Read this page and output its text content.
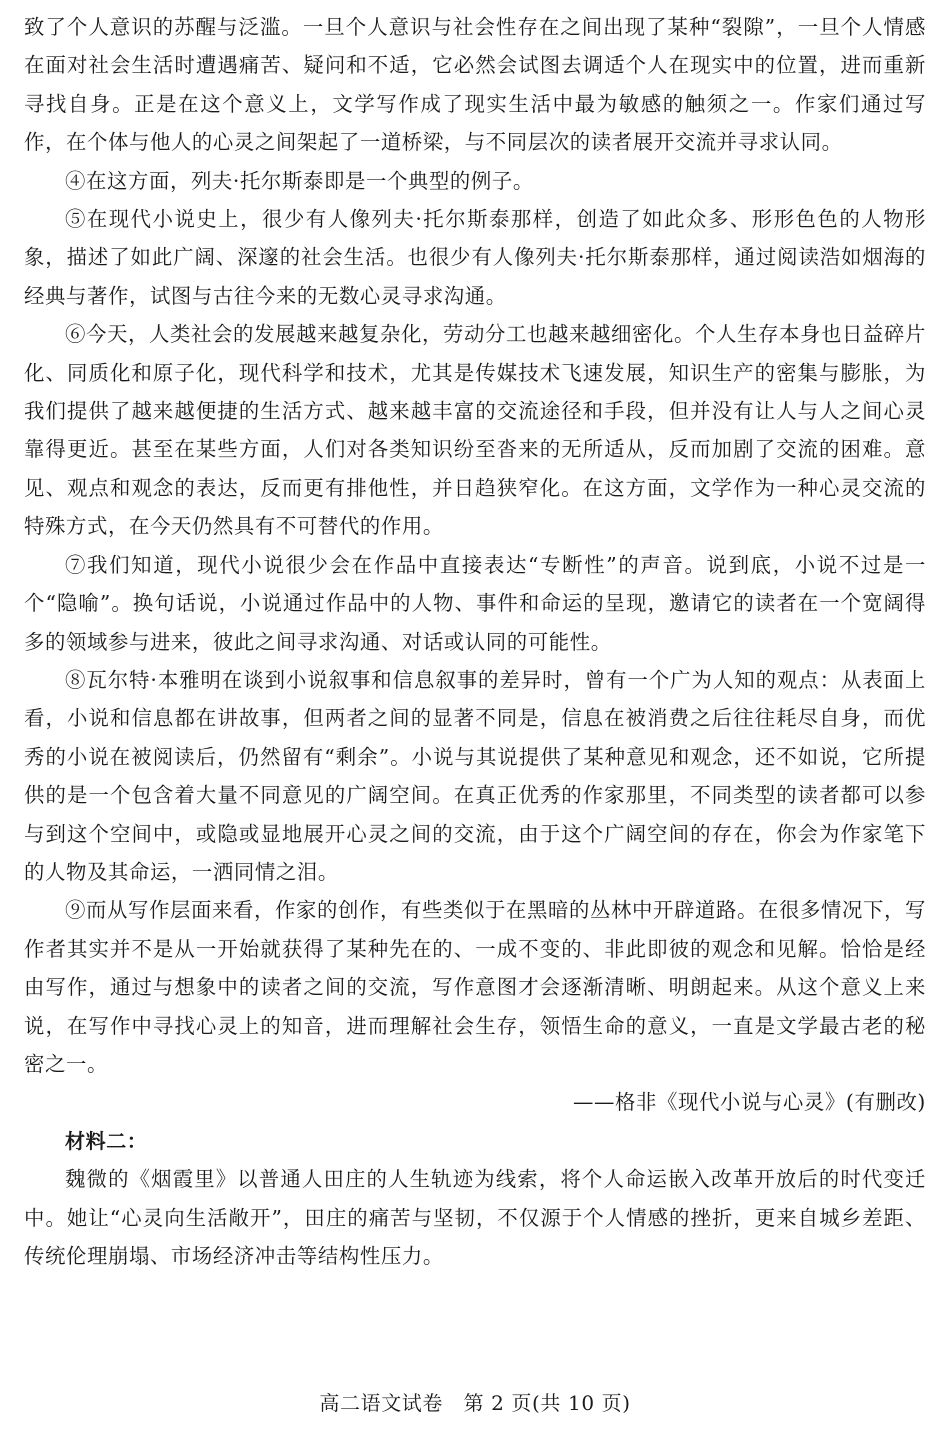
致了个人意识的苏醒与泛滥。一旦个人意识与社会性存在之间出现了某种“裂隙”，一旦个人情感在面对社会生活时遭遇痛苦、疑问和不适，它必然会试图去调适个人在现实中的位置，进而重新寻找自身。正是在这个意义上，文学写作成了现实生活中最为敏感的触须之一。作家们通过写作，在个体与他人的心灵之间架起了一道桥梁，与不同层次的读者展开交流并寻求认同。

④在这方面，列夫·托尔斯泰即是一个典型的例子。

⑤在现代小说史上，很少有人像列夫·托尔斯泰那样，创造了如此众多、形形色色的人物形象，描述了如此广阔、深邃的社会生活。也很少有人像列夫·托尔斯泰那样，通过阅读浩如烟海的经典与著作，试图与古往今来的无数心灵寻求沟通。

⑥今天，人类社会的发展越来越复杂化，劳动分工也越来越细密化。个人生存本身也日益碎片化、同质化和原子化，现代科学和技术，尤其是传媒技术飞速发展，知识生产的密集与膨胀，为我们提供了越来越便捷的生活方式、越来越丰富的交流途径和手段，但并没有让人与人之间心灵靠得更近。甚至在某些方面，人们对各类知识纷至沓来的无所适从，反而加剧了交流的困难。意见、观点和观念的表达，反而更有排他性，并日趋狭窄化。在这方面，文学作为一种心灵交流的特殊方式，在今天仍然具有不可替代的作用。

⑦我们知道，现代小说很少会在作品中直接表达“专断性”的声音。说到底，小说不过是一个“隐喻”。换句话说，小说通过作品中的人物、事件和命运的呈现，邀请它的读者在一个宽阔得多的领域参与进来，彼此之间寻求沟通、对话或认同的可能性。

⑧瓦尔特·本雅明在谈到小说叙事和信息叙事的差异时，曾有一个广为人知的观点：从表面上看，小说和信息都在讲故事，但两者之间的显著不同是，信息在被消费之后往往耗尽自身，而优秀的小说在被阅读后，仍然留有“剩余”。小说与其说提供了某种意见和观念，还不如说，它所提供的是一个包含着大量不同意见的广阔空间。在真正优秀的作家那里，不同类型的读者都可以参与到这个空间中，或隐或显地展开心灵之间的交流，由于这个广阔空间的存在，你会为作家笔下的人物及其命运，一洒同情之泪。

⑨而从写作层面来看，作家的创作，有些类似于在黑暗的丛林中开辟道路。在很多情况下，写作者其实并不是从一开始就获得了某种先在的、一成不变的、非此即彼的观念和见解。恰恰是经由写作，通过与想象中的读者之间的交流，写作意图才会逐渐清晰、明朗起来。从这个意义上来说，在写作中寻找心灵上的知音，进而理解社会生存，领悟生命的意义，一直是文学最古老的秘密之一。

——格非《现代小说与心灵》(有删改)

材料二：

魏微的《烟霞里》以普通人田庄的人生轨迹为线索，将个人命运嵌入改革开放后的时代变迁中。她让“心灵向生活敞开”，田庄的痛苦与坚韧，不仅源于个人情感的挫折，更来自城乡差距、传统伦理崩塌、市场经济冲击等结构性压力。

高二语文试卷　第 2 页(共 10 页)
